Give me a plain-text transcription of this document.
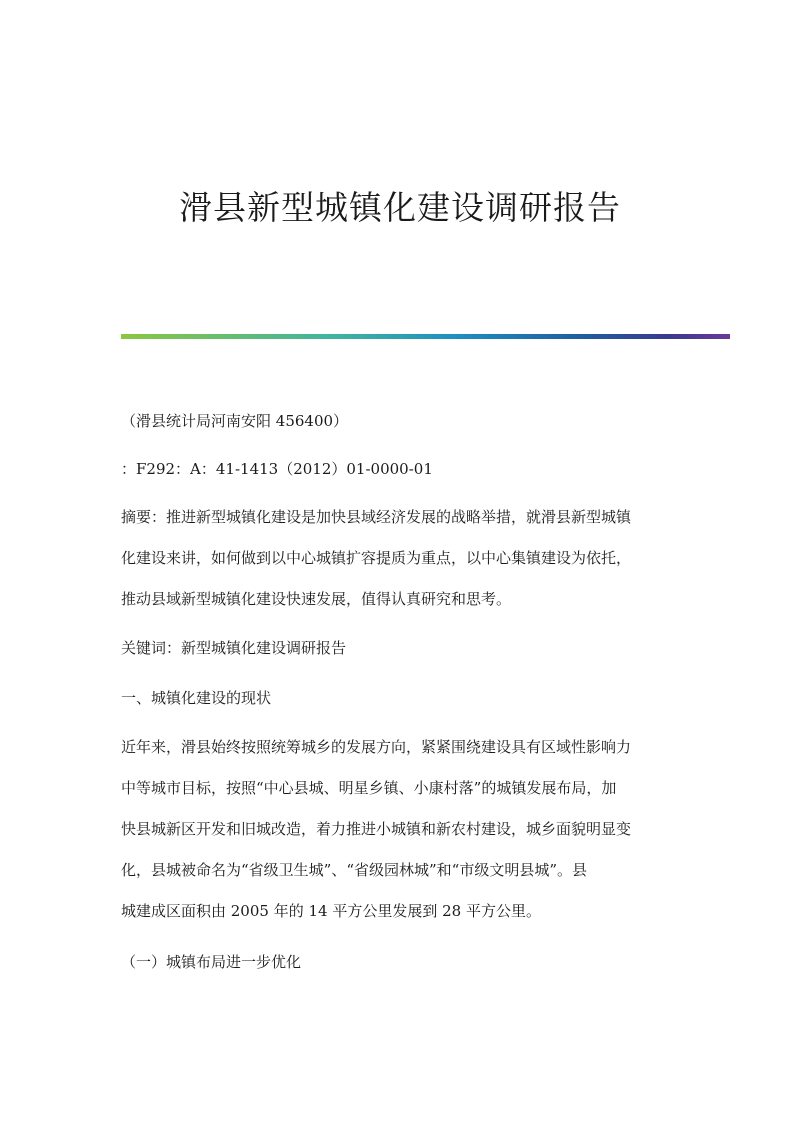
滑县新型城镇化建设调研报告
（滑县统计局河南安阳 456400）
：F292：A：41-1413（2012）01-0000-01
摘要：推进新型城镇化建设是加快县域经济发展的战略举措，就滑县新型城镇
化建设来讲，如何做到以中心城镇扩容提质为重点，以中心集镇建设为依托，
推动县域新型城镇化建设快速发展，值得认真研究和思考。
关键词：新型城镇化建设调研报告
一、城镇化建设的现状
近年来，滑县始终按照统筹城乡的发展方向，紧紧围绕建设具有区域性影响力
中等城市目标，按照“中心县城、明星乡镇、小康村落”的城镇发展布局，加
快县城新区开发和旧城改造，着力推进小城镇和新农村建设，城乡面貌明显变
化，县城被命名为“省级卫生城”、“省级园林城”和“市级文明县城”。县
城建成区面积由 2005 年的 14 平方公里发展到 28 平方公里。
（一）城镇布局进一步优化
